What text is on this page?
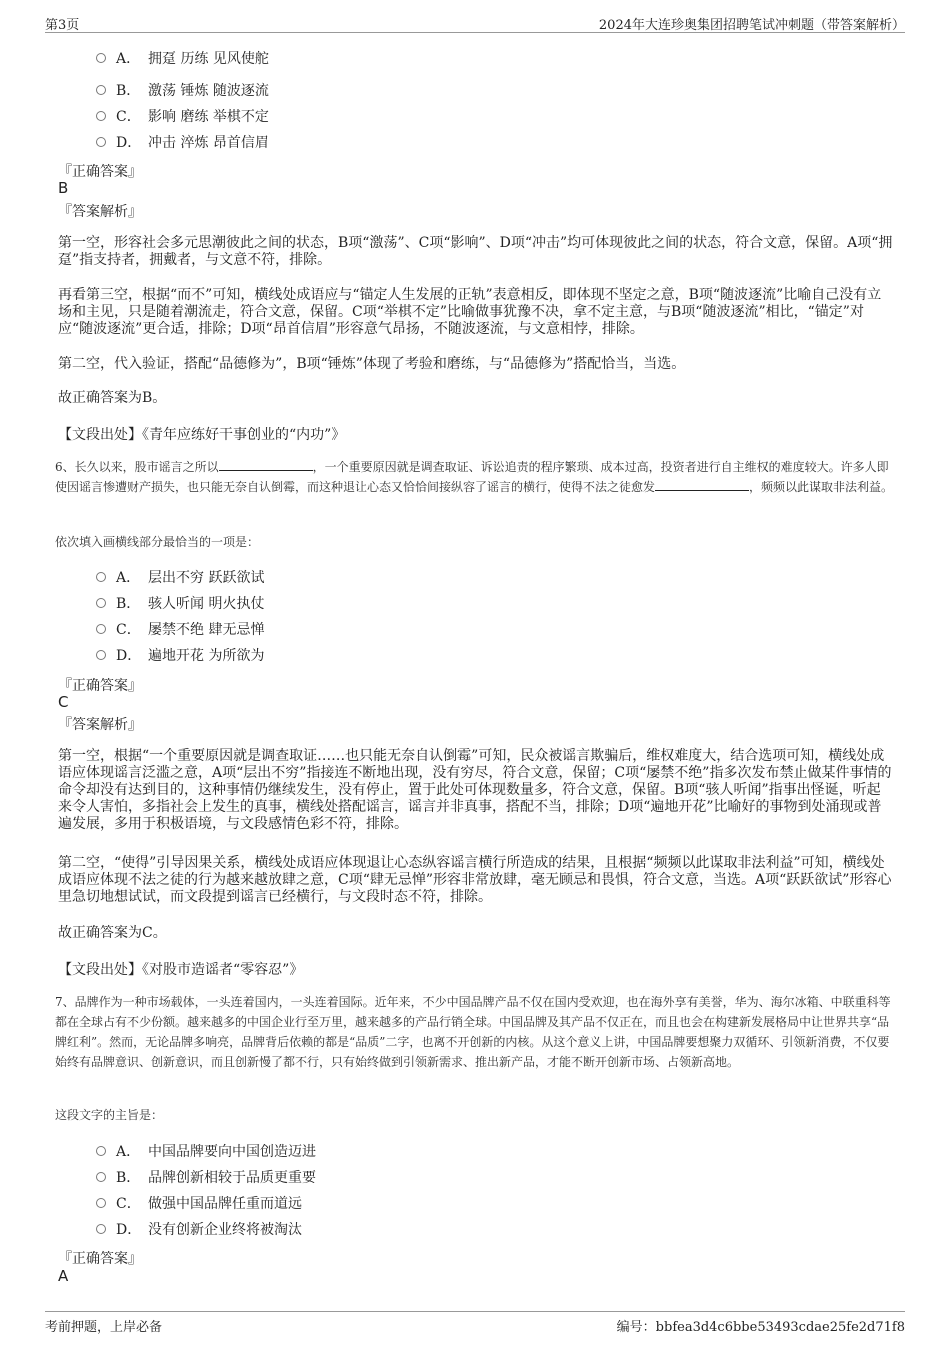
第3页	2024年大连珍奥集团招聘笔试冲刺题（带答案解析）
A． 拥趸 历练 见风使舵
B． 激荡 锤炼 随波逐流
C． 影响 磨练 举棋不定
D． 冲击 淬炼 昂首信眉
『正确答案』
B
『答案解析』
第一空，形容社会多元思潮彼此之间的状态，B项“激荡”、C项“影响”、D项“冲击”均可体现彼此之间的状态，符合文意，保留。A项“拥趸”指支持者，拥戴者，与文意不符，排除。
再看第三空，根据“而不”可知，横线处成语应与“锚定人生发展的正轨”表意相反，即体现不坚定之意，B项“随波逐流”比喻自己没有立场和主见，只是随着潮流走，符合文意，保留。C项“举棋不定”比喻做事犹豫不决，拿不定主意，与B项“随波逐流”相比，“锚定”对应“随波逐流”更合适，排除；D项“昂首信眉”形容意气昂扬，不随波逐流，与文意相悖，排除。
第二空，代入验证，搭配“品德修为”，B项“锤炼”体现了考验和磨练，与“品德修为”搭配恰当，当选。
故正确答案为B。
【文段出处】《青年应练好干事创业的“内功”》
6、长久以来，股市谣言之所以	，一个重要原因就是调查取证、诉讼追责的程序繁琐、成本过高，投资者进行自主维权的难度较大。许多人即使因谣言惨遭财产损失，也只能无奈自认倒霉，而这种退让心态又恰恰间接纵容了谣言的横行，使得不法之徒愈发	，频频以此谋取非法利益。
依次填入画横线部分最恰当的一项是：
A． 层出不穷 跃跃欲试
B． 骇人听闻 明火执仗
C． 屡禁不绝 肆无忌惮
D． 遍地开花 为所欲为
『正确答案』
C
『答案解析』
第一空，根据“一个重要原因就是调查取证……也只能无奈自认倒霉”可知，民众被谣言欺骗后，维权难度大，结合选项可知，横线处成语应体现谣言泛滥之意，A项“层出不穷”指接连不断地出现，没有穷尽，符合文意，保留；C项“屡禁不绝”指多次发布禁止做某件事情的命令却没有达到目的，这种事情仍继续发生，没有停止，置于此处可体现数量多，符合文意，保留。B项“骇人听闻”指事出怪诞，听起来令人害怕，多指社会上发生的真事，横线处搭配谣言，谣言并非真事，搭配不当，排除；D项“遍地开花”比喻好的事物到处涌现或普遍发展，多用于积极语境，与文段感情色彩不符，排除。
第二空，“使得”引导因果关系，横线处成语应体现退让心态纵容谣言横行所造成的结果，且根据“频频以此谋取非法利益”可知，横线处成语应体现不法之徒的行为越来越放肆之意，C项“肆无忌惮”形容非常放肆，毫无顾忌和畏惧，符合文意，当选。A项“跃跃欲试”形容心里急切地想试试，而文段提到谣言已经横行，与文段时态不符，排除。
故正确答案为C。
【文段出处】《对股市造谣者“零容忍”》
7、品牌作为一种市场载体，一头连着国内，一头连着国际。近年来，不少中国品牌产品不仅在国内受欢迎，也在海外享有美誉，华为、海尔冰箱、中联重科等都在全球占有不少份额。越来越多的中国企业行至万里，越来越多的产品行销全球。中国品牌及其产品不仅正在，而且也会在构建新发展格局中让世界共享“品牌红利”。然而，无论品牌多响亮，品牌背后依赖的都是“品质”二字，也离不开创新的内核。从这个意义上讲，中国品牌要想聚力双循环、引领新消费，不仅要始终有品牌意识、创新意识，而且创新慢了都不行，只有始终做到引领新需求、推出新产品，才能不断开创新市场、占领新高地。
这段文字的主旨是：
A． 中国品牌要向中国创造迈进
B． 品牌创新相较于品质更重要
C． 做强中国品牌任重而道远
D． 没有创新企业终将被淘汰
『正确答案』
A
考前押题，上岸必备	编号：bbfea3d4c6bbe53493cdae25fe2d71f8
